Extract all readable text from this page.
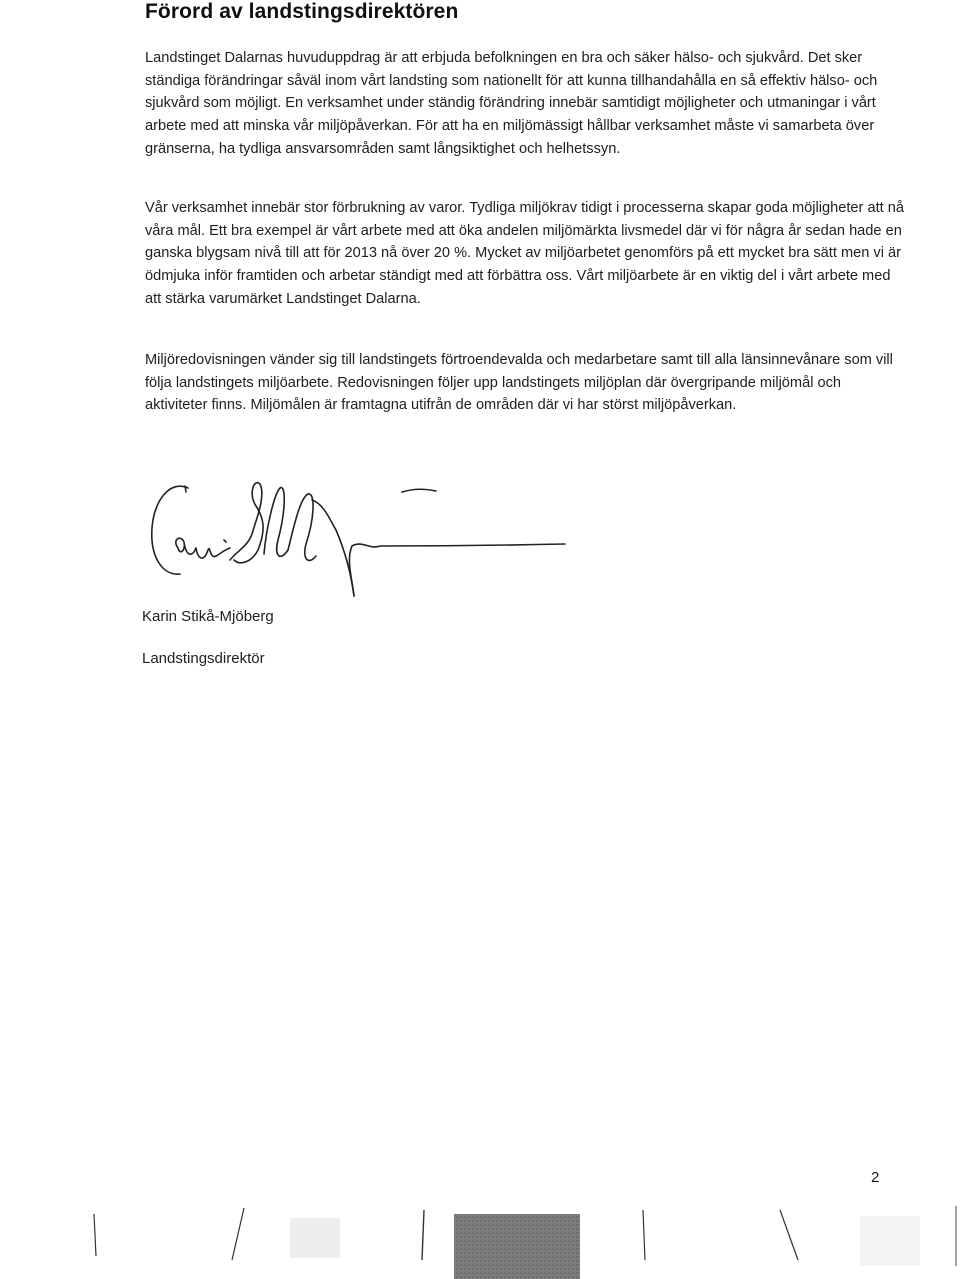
Förord av landstingsdirektören

Landstinget Dalarnas huvuduppdrag är att erbjuda befolkningen en bra och säker hälso- och sjukvård. Det sker ständiga förändringar såväl inom vårt landsting som nationellt för att kunna tillhandahålla en så effektiv hälso- och sjukvård som möjligt. En verksamhet under ständig förändring innebär samtidigt möjligheter och utmaningar i vårt arbete med att minska vår miljöpåverkan. För att ha en miljömässigt hållbar verksamhet måste vi samarbeta över gränserna, ha tydliga ansvarsområden samt långsiktighet och helhetssyn.

Vår verksamhet innebär stor förbrukning av varor. Tydliga miljökrav tidigt i processerna skapar goda möjligheter att nå våra mål. Ett bra exempel är vårt arbete med att öka andelen miljömärkta livsmedel där vi för några år sedan hade en ganska blygsam nivå till att för 2013 nå över 20 %. Mycket av miljöarbetet genomförs på ett mycket bra sätt men vi är ödmjuka inför framtiden och arbetar ständigt med att förbättra oss. Vårt miljöarbete är en viktig del i vårt arbete med att stärka varumärket Landstinget Dalarna.

Miljöredovisningen vänder sig till landstingets förtroendevalda och medarbetare samt till alla länsinnevånare som vill följa landstingets miljöarbete. Redovisningen följer upp landstingets miljöplan där övergripande miljömål och aktiviteter finns. Miljömålen är framtagna utifrån de områden där vi har störst miljöpåverkan.

Karin Stikå-Mjöberg

Landstingsdirektör

2
